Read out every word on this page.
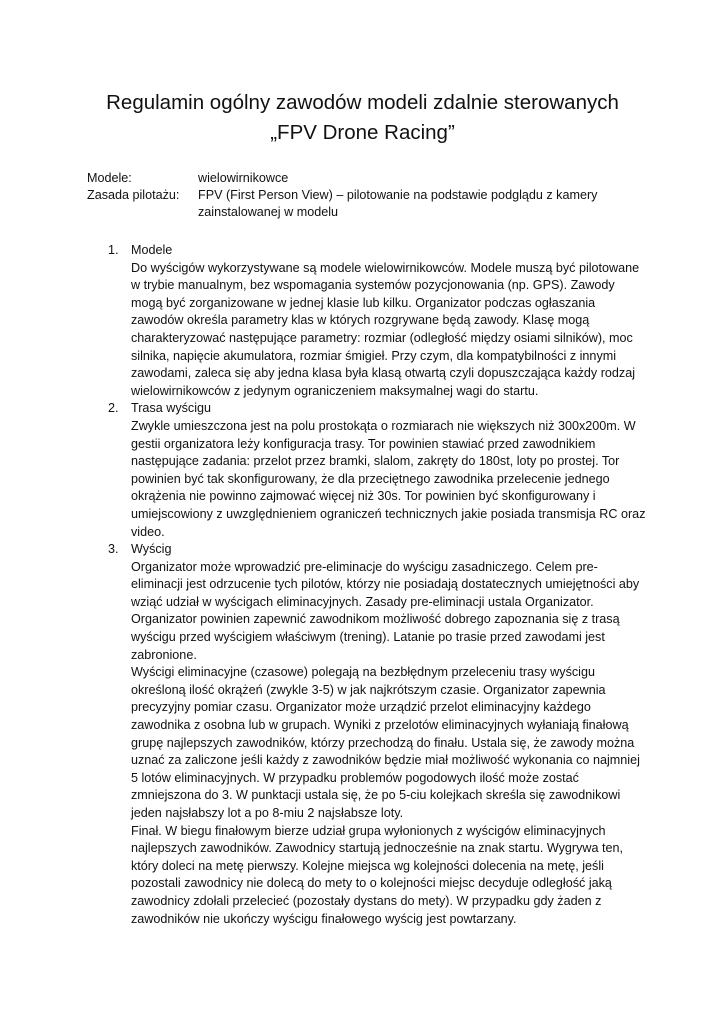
Regulamin ogólny zawodów modeli zdalnie sterowanych
„FPV Drone Racing”
Modele:	wielowirnikowce
Zasada pilotażu:	FPV (First Person View) – pilotowanie na podstawie podglądu z kamery zainstalowanej w modelu
1. Modele

Do wyścigów wykorzystywane są modele wielowirnikowców. Modele muszą być pilotowane w trybie manualnym, bez wspomagania systemów pozycjonowania (np. GPS). Zawody mogą być zorganizowane w jednej klasie lub kilku. Organizator podczas ogłaszania zawodów określa parametry klas w których rozgrywane będą zawody. Klasę mogą charakteryzować następujące parametry: rozmiar (odległość między osiami silników), moc silnika, napięcie akumulatora, rozmiar śmigieł. Przy czym, dla kompatybilności z innymi zawodami, zaleca się aby jedna klasa była klasą otwartą czyli dopuszczająca każdy rodzaj wielowirnikowców z jedynym ograniczeniem maksymalnej wagi do startu.

2. Trasa wyścigu

Zwykle umieszczona jest na polu prostokąta o rozmiarach nie większych niż 300x200m. W gestii organizatora leży konfiguracja trasy. Tor powinien stawiać przed zawodnikiem następujące zadania: przelot przez bramki, slalom, zakręty do 180st, loty po prostej. Tor powinien być tak skonfigurowany, że dla przeciętnego zawodnika przelecenie jednego okrążenia nie powinno zajmować więcej niż 30s. Tor powinien być skonfigurowany i umiejscowiony z uwzględnieniem ograniczeń technicznych jakie posiada transmisja RC oraz video.

3. Wyścig

Organizator może wprowadzić pre-eliminacje do wyścigu zasadniczego. Celem pre-eliminacji jest odrzucenie tych pilotów, którzy nie posiadają dostatecznych umiejętności aby wziąć udział w wyścigach eliminacyjnych. Zasady pre-eliminacji ustala Organizator. Organizator powinien zapewnić zawodnikom możliwość dobrego zapoznania się z trasą wyścigu przed wyścigiem właściwym (trening). Latanie po trasie przed zawodami jest zabronione.

Wyścigi eliminacyjne (czasowe) polegają na bezbłędnym przeleceniu trasy wyścigu określoną ilość okrążeń (zwykle 3-5) w jak najkrótszym czasie. Organizator zapewnia precyzyjny pomiar czasu. Organizator może urządzić przelot eliminacyjny każdego zawodnika z osobna lub w grupach. Wyniki z przelotów eliminacyjnych wyłaniają finałową grupę najlepszych zawodników, którzy przechodzą do finału. Ustala się, że zawody można uznać za zaliczone jeśli każdy z zawodników będzie miał możliwość wykonania co najmniej 5 lotów eliminacyjnych. W przypadku problemów pogodowych ilość może zostać zmniejszona do 3. W punktacji ustala się, że po 5-ciu kolejkach skreśla się zawodnikowi jeden najsłabszy lot a po 8-miu 2 najsłabsze loty.

Finał. W biegu finałowym bierze udział grupa wyłonionych z wyścigów eliminacyjnych najlepszych zawodników. Zawodnicy startują jednocześnie na znak startu. Wygrywa ten, który doleci na metę pierwszy. Kolejne miejsca wg kolejności dolecenia na metę, jeśli pozostali zawodnicy nie dolecą do mety to o kolejności miejsc decyduje odległość jaką zawodnicy zdołali przelecieć (pozostały dystans do mety). W przypadku gdy żaden z zawodników nie ukończy wyścigu finałowego wyścig jest powtarzany.
